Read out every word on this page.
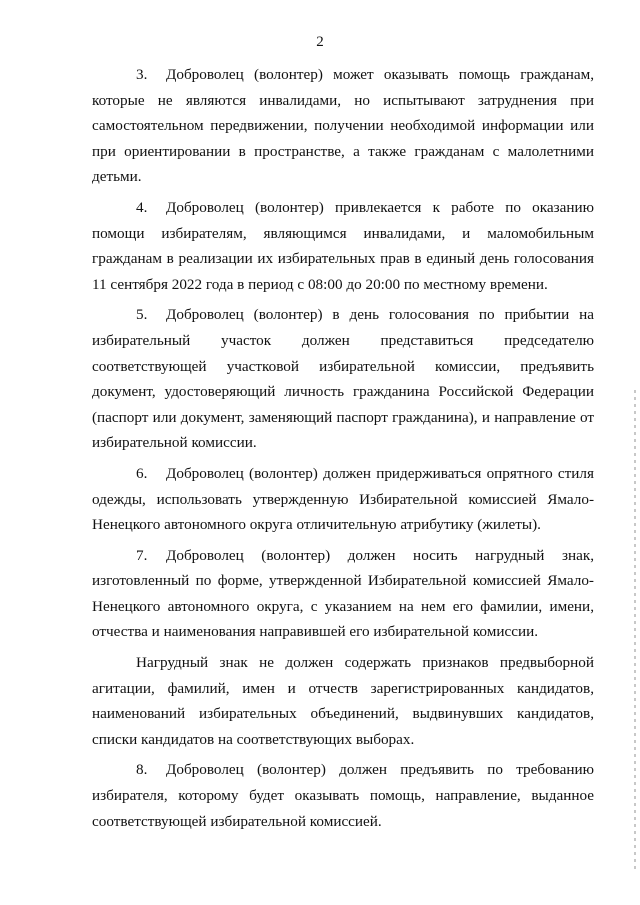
2

3. Доброволец (волонтер) может оказывать помощь гражданам, которые не являются инвалидами, но испытывают затруднения при самостоятельном передвижении, получении необходимой информации или при ориентировании в пространстве, а также гражданам с малолетними детьми.

4. Доброволец (волонтер) привлекается к работе по оказанию помощи избирателям, являющимся инвалидами, и маломобильным гражданам в реализации их избирательных прав в единый день голосования 11 сентября 2022 года в период с 08:00 до 20:00 по местному времени.

5. Доброволец (волонтер) в день голосования по прибытии на избирательный участок должен представиться председателю соответствующей участковой избирательной комиссии, предъявить документ, удостоверяющий личность гражданина Российской Федерации (паспорт или документ, заменяющий паспорт гражданина), и направление от избирательной комиссии.

6. Доброволец (волонтер) должен придерживаться опрятного стиля одежды, использовать утвержденную Избирательной комиссией Ямало-Ненецкого автономного округа отличительную атрибутику (жилеты).

7. Доброволец (волонтер) должен носить нагрудный знак, изготовленный по форме, утвержденной Избирательной комиссией Ямало-Ненецкого автономного округа, с указанием на нем его фамилии, имени, отчества и наименования направившей его избирательной комиссии.

Нагрудный знак не должен содержать признаков предвыборной агитации, фамилий, имен и отчеств зарегистрированных кандидатов, наименований избирательных объединений, выдвинувших кандидатов, списки кандидатов на соответствующих выборах.

8. Доброволец (волонтер) должен предъявить по требованию избирателя, которому будет оказывать помощь, направление, выданное соответствующей избирательной комиссией.
